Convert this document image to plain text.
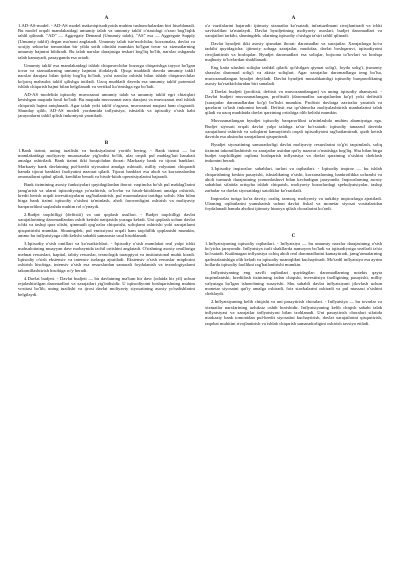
A

1.AD-AS-model. - AD-AS model makroiqtisodiyotda muhim tushunchalardan biri hisoblanadi. Bu model orqali mamlakatdagi umumiy talab va umumiy taklif o'rtasidagi o'zaro bog'liqlik tahlil qilinadi. "AD" — Aggregate Demand (Umumiy talab), "AS" esa — Aggregate Supply (Umumiy taklif) degan ma'noni anglatadi. Umumiy talab iste'molchilar, korxonalar, davlat va xorijiy sektorlar tomonidan bir yilda sotib olinishi mumkin bo'lgan tovar va xizmatlarning umumiy hajmini bildiradi. Bu talab narxlar darajasiga teskari bog'liq bo'lib, narxlar oshganda talab kamayadi, pasayganda esa ortadi.

Umumiy taklif esa mamlakatdagi ishlab chiqaruvchilar bozorga chiqarishga tayyor bo'lgan tovar va xizmatlarning umumiy hajmini ifodalaydi. Qisqa muddatli davrda umumiy taklif narxlar darajasi bilan ijobiy bog'liq bo'ladi, ya'ni narxlar oshishi bilan ishlab chiqaruvchilar ko'proq mahsulot taklif qilishga intiladi. Uzoq muddatli davrda esa umumiy taklif potensial ishlab chiqarish hajmi bilan belgilanadi va vertikal ko'rinishga ega bo'ladi.

AD-AS modelida iqtisodiy muvozanat umumiy talab va umumiy taklif egri chiziqlari kesishgan nuqtada hosil bo'ladi. Bu nuqtada muvozanat narx darajasi va muvozanat real ishlab chiqarish hajmi aniqlanadi. Agar talab yoki taklif o'zgarsa, muvozanat nuqtasi ham o'zgaradi. Shunday qilib, AD-AS modeli yordamida inflyatsiya, ishsizlik va iqtisodiy o'sish kabi jarayonlarni tahlil qilish imkoniyati yaratiladi.

B

1.Bank tizimi, uning tuzilishi va funksiyalarini yoritib bering. - Bank tizimi — bu mamlakatdagi moliyaviy muassasalar yig'indisi bo'lib, ular orqali pul mablag'lari harakati amalga oshiriladi. Bank tizimi ikki bosqichdan iborat: Markaziy bank va tijorat banklari. Markaziy bank davlatning pul-kredit siyosatini amalga oshiradi, milliy valyutani chiqaradi hamda tijorat banklari faoliyatini nazorat qiladi. Tijorat banklari esa aholi va korxonalardan omonatlarni qabul qiladi, kreditlar beradi va hisob-kitob operatsiyalarini bajaradi.

Bank tizimining asosiy funksiyalari quyidagilardan iborat: vaqtincha bo'sh pul mablag'larini jamg'arish va ularni iqtisodiyotga yo'naltirish, to'lovlar va hisob-kitoblarni amalga oshirish, kredit berish orqali investitsiyalarni rag'batlantirish, pul muomalasini tartibga solish. Shu bilan birga bank tizimi iqtisodiy o'sishni ta'minlash, aholi farovonligini oshirish va moliyaviy barqarorlikni saqlashda muhim rol o'ynaydi.

2.Budjet taqchilligi (defitsiti) va uni qoplash usullari. - Budjet taqchilligi davlat xarajatlarining daromadlardan oshib ketishi natijasida yuzaga keladi. Uni qoplash uchun davlat ichki va tashqi qarz olishi, qimmatli qog'ozlar chiqarishi, soliqlarni oshirishi yoki xarajatlarni qisqartirishi mumkin. Shuningdek, pul emissiyasi orqali ham taqchillik qoplanishi mumkin, ammo bu inflyatsiyaga olib kelishi sababli samarasiz usul hisoblanadi.

3.Iqtisodiy o'sish omillari va ko'rsatkichlari. - Iqtisodiy o'sish mamlakat real yalpi ichki mahsulotining muayyan davr mobaynida izchil ortishini anglatadi. O'sishning asosiy omillariga mehnat resurslari, kapital, tabiiy resurslar, texnologik taraqqiyot va institutsional muhit kiradi. Iqtisodiy o'sish ekstensiv va intensiv turlarga ajratiladi. Ekstensiv o'sish resurslar miqdorini oshirish hisobiga, intensiv o'sish esa resurslardan samarali foydalanish va texnologiyalarni takomillashtirish hisobiga ro'y beradi.

4.Davlat budjeti. - Davlat budjeti — bu davlatning ma'lum bir davr (odatda bir yil) uchun rejalashtirilgan daromadlari va xarajatlari yig'indisidir. U iqtisodiyotni boshqarishning muhim vositasi bo'lib, uning tuzilishi va ijrosi davlat moliyaviy siyosatining asosiy yo'nalishlarini belgilaydi.

A

o'z vazifalarini bajaradi: ijtimoiy xizmatlar ko'rsatadi, infratuzilmani rivojlantiradi va ichki xavfsizlikni ta'minlaydi. Davlat byudjetining moliyaviy asoslari, budjet daromadlari va xarajatlari tarkibi, shuningdek, ularning iqtisodiy o'sishga ta'siri tahlil qilinadi.

Davlat byudjeti ikki asosiy qismdan iborat: daromadlar va xarajatlar. Xarajatlarga ko'ra tarkibi quyidagicha: ijtimoiy sohaga xarajatlar, mudofaa, davlat boshqaruvi, iqtisodiyotni rivojlantirish va boshqalar. Byudjet daromadlari esa soliqlar, bojxona to'lovlari va boshqa majburiy to'lovlardan shakllanadi.

Eng katta ulushni soliqlar tashkil qiladi: qo'shilgan qiymat solig'i, foyda solig'i, jismoniy shaxslar daromad solig'i va aktsiz soliqlari. Agar xarajatlar daromadlarga teng bo'lsa, muvozanatlangan byudjet deyiladi. Davlat byudjeti mustahkamligi iqtisodiy barqarorlikning asosiy ko'rsatkichlaridan biri sanaladi.

2.Davlat budjeti (profitsit, defitsit va muvozanatlangan) va uning iqtisodiy ahamiyati. - Davlat budjeti muvozanatlangan, profitsitli (daromadlar xarajatlardan ko'p) yoki defitsitli (xarajatlar daromadlardan ko'p) bo'lishi mumkin. Profitsit davlatga zaxiralar yaratish va qarzlarni to'lash imkonini beradi. Defitsit esa qo'shimcha moliyalashtirish manbalarini talab qiladi va uzoq muddatda davlat qarzining ortishiga olib kelishi mumkin.

Muvozanatlangan byudjet iqtisodiy barqarorlikni ta'minlashda muhim ahamiyatga ega. Budjet siyosati orqali davlat yalpi talabga ta'sir ko'rsatadi: iqtisodiy tanazzul davrida xarajatlarni oshirish va soliqlarni kamaytirish orqali iqtisodiyotni rag'batlantiradi, qizib ketish davrida esa aksincha xarajatlarni qisqartiradi.

Byudjet siyosatining samaradorligi davlat moliyaviy resurslarini to'g'ri taqsimlash, soliq tizimini takomillashtirish va xarajatlar ustidan qat'iy nazorat o'rnatishga bog'liq. Shu bilan birga budjet taqchilligini oqilona boshqarish inflyatsiya va davlat qarzining o'sishini cheklash imkonini beradi.

3.Iqtisodiy inqirozlar: sabablari, turlari va oqibatlari. - Iqtisodiy inqiroz — bu ishlab chiqarishning keskin pasayishi, ishsizlikning o'sishi, korxonalarning bankrotlikka uchrashi va aholi turmush darajasining yomonlashuvi bilan kechadigan jarayondir. Inqirozlarning asosiy sabablari sifatida ortiqcha ishlab chiqarish, moliyaviy bozorlardagi spekulyatsiyalar, tashqi zarbalar va davlat siyosatidagi xatoliklar ko'rsatiladi.

Inqirozlar turiga ko'ra davriy, oraliq, tarmoq, moliyaviy va tarkibiy inqirozlarga ajratiladi. Ularning oqibatlarini yumshatish uchun davlat fiskal va monetar siyosat vositalaridan foydalanadi hamda aholini ijtimoiy himoya qilish choralarini ko'radi.

C

1.Inflyatsiyaning iqtisodiy oqibatlari. - Inflyatsiya — bu umumiy narxlar darajasining o'sish bo'yicha jarayondir. Inflyatsiya turli shakllarda namoyon bo'ladi va iqtisodiyotga sezilarli ta'sir ko'rsatadi. Kutilmagan inflyatsiya ochiq aholi real daromadlarini kamaytiradi, jamg'armalarning qadrsizlanishiga olib keladi va iqtisodiy noaniqlikni kuchaytiradi. Mo'tadil inflyatsiya esa ayrim hollarda iqtisodiy faollikni rag'batlantirishi mumkin.

Inflyatsiyaning eng xavfli oqibatlari quyidagilar: daromadlarning notekis qayta taqsimlanishi, kreditlash tizimining izdan chiqishi, investitsiya faolligining pasayishi, milliy valyutaga bo'lgan ishonchning susayishi. Shu sababli davlat inflyatsiyani jilovlash uchun monetar siyosatni qat'iy amalga oshiradi, foiz stavkalarini oshiradi va pul massasi o'sishini cheklaydi.

2.Inflyatsiyaning kelib chiqishi va uni pasaytirish choralari. - Inflyatsiya — bu tovarlar va xizmatlar narxlarining uzluksiz oshib borishidir. Inflyatsiyaning kelib chiqish sababi talab inflyatsiyasi va xarajatlar inflyatsiyasi bilan izohlanadi. Uni pasaytirish choralari sifatida markaziy bank tomonidan pul-kredit siyosatini kuchaytirish, davlat xarajatlarini qisqartirish, raqobat muhitini rivojlantirish va ishlab chiqarish samaradorligini oshirish tavsiya etiladi.
